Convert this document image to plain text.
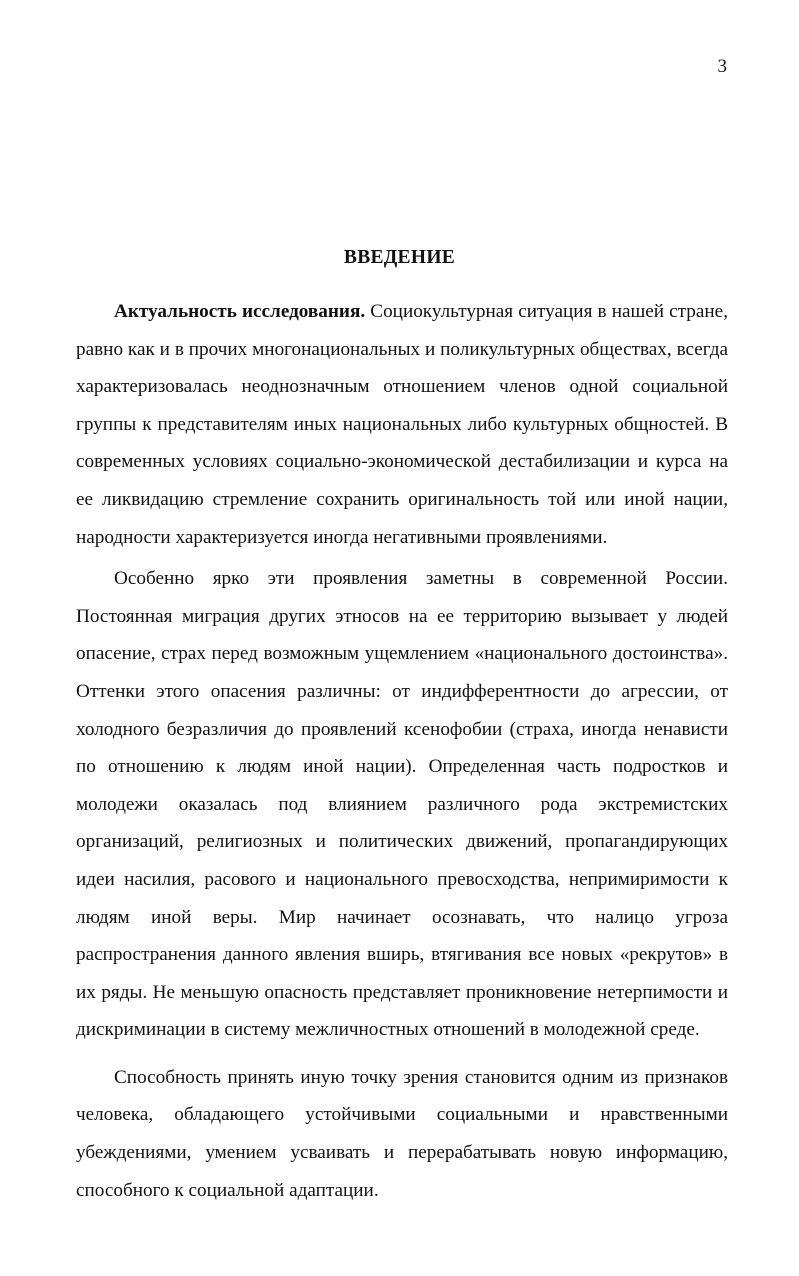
3
ВВЕДЕНИЕ

Актуальность исследования. Социокультурная ситуация в нашей стране, равно как и в прочих многонациональных и поликультурных обществах, всегда характеризовалась неоднозначным отношением членов одной социальной группы к представителям иных национальных либо культурных общностей. В современных условиях социально-экономической дестабилизации и курса на ее ликвидацию стремление сохранить оригинальность той или иной нации, народности характеризуется иногда негативными проявлениями.

Особенно ярко эти проявления заметны в современной России. Постоянная миграция других этносов на ее территорию вызывает у людей опасение, страх перед возможным ущемлением «национального достоинства». Оттенки этого опасения различны: от индифферентности до агрессии, от холодного безразличия до проявлений ксенофобии (страха, иногда ненависти по отношению к людям иной нации). Определенная часть подростков и молодежи оказалась под влиянием различного рода экстремистских организаций, религиозных и политических движений, пропагандирующих идеи насилия, расового и национального превосходства, непримиримости к людям иной веры. Мир начинает осознавать, что налицо угроза распространения данного явления вширь, втягивания все новых «рекрутов» в их ряды. Не меньшую опасность представляет проникновение нетерпимости и дискриминации в систему межличностных отношений в молодежной среде.

Способность принять иную точку зрения становится одним из признаков человека, обладающего устойчивыми социальными и нравственными убеждениями, умением усваивать и перерабатывать новую информацию, способного к социальной адаптации.
